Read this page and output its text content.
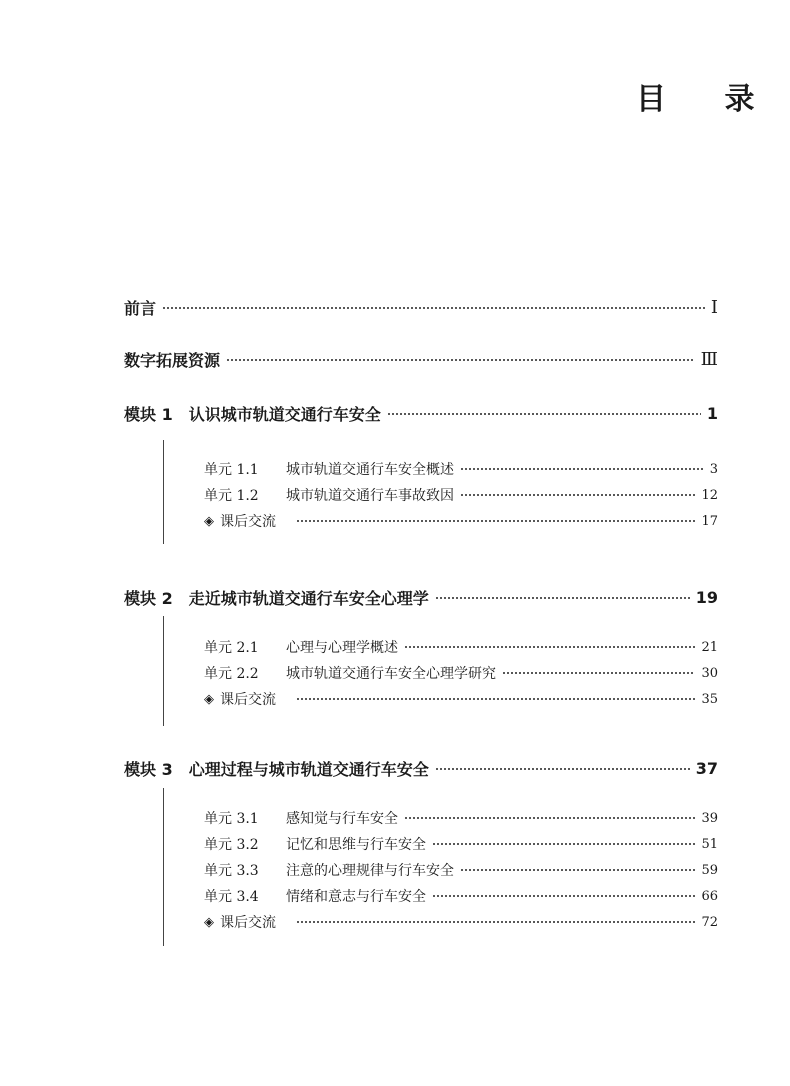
目 录
前言	Ⅰ
数字拓展资源	Ⅲ
模块 1 认识城市轨道交通行车安全	1
单元 1.1	城市轨道交通行车安全概述	3
单元 1.2	城市轨道交通行车事故致因	12
◈ 课后交流	17
模块 2 走近城市轨道交通行车安全心理学	19
单元 2.1	心理与心理学概述	21
单元 2.2	城市轨道交通行车安全心理学研究	30
◈ 课后交流	35
模块 3 心理过程与城市轨道交通行车安全	37
单元 3.1	感知觉与行车安全	39
单元 3.2	记忆和思维与行车安全	51
单元 3.3	注意的心理规律与行车安全	59
单元 3.4	情绪和意志与行车安全	66
◈ 课后交流	72
